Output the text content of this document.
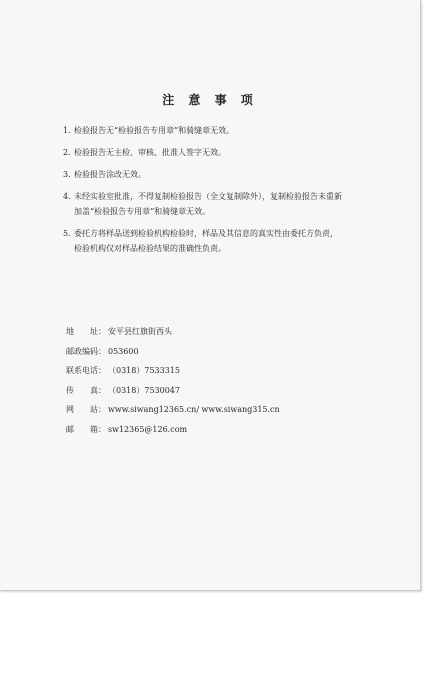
注 意 事 项
1. 检验报告无“检验报告专用章”和骑缝章无效。
2. 检验报告无主检、审核、批准人签字无效。
3. 检验报告涂改无效。
4. 未经实验室批准，不得复制检验报告（全文复制除外），复制检验报告未重新
加盖“检验报告专用章”和骑缝章无效。
5. 委托方将样品送到检验机构检验时，样品及其信息的真实性由委托方负责，
检验机构仅对样品检验结果的准确性负责。
地　　址： 安平县红旗街西头
邮政编码： 053600
联系电话： （0318）7533315
传　　真： （0318）7530047
网　　站： www.siwang12365.cn/ www.siwang315.cn
邮　　箱： sw12365@126.com
